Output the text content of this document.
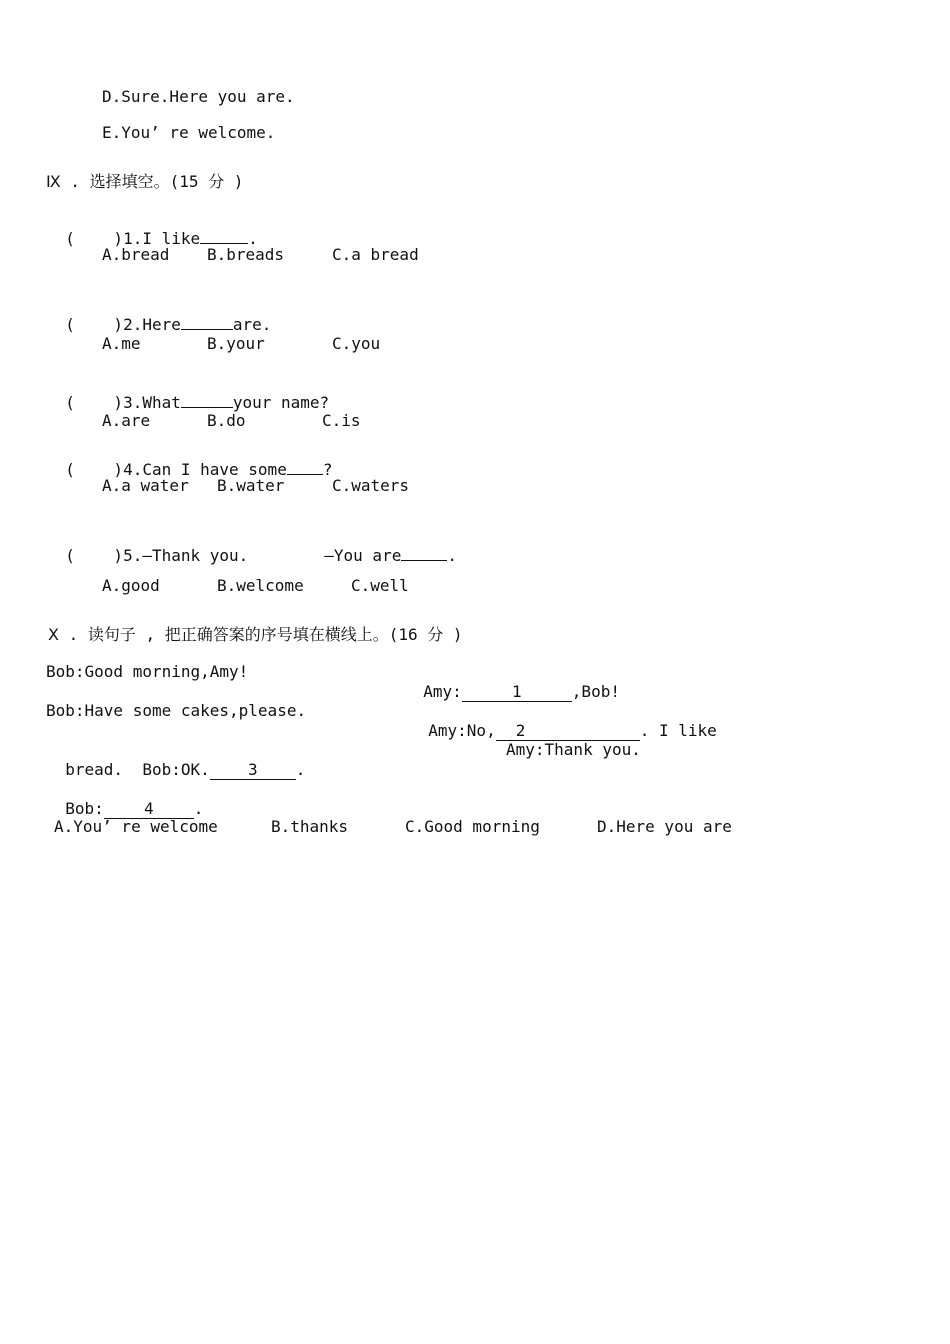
D.Sure.Here you are.
E.You’ re welcome.
Ⅸ . 选择填空。(15 分 )

(    )1.I like	.

A.bread B.breads	C.a bread

(    )2.Here	are.

A.me	B.your	C.you

(    )3.What	your name?

A.are	B.do	C.is

(    )4.Can I have some ?

A.a water B.water	C.waters

(    )5.—Thank you.	—You are	.

A.good	B.welcome	C.well
Ⅹ . 读句子 , 把正确答案的序号填在横线上。(16 分 )
Bob:Good morning,Amy!

Amy:	1	,Bob!

Bob:Have some cakes,please.

Amy:No, 2	. I like

bread.  Bob:OK. 3 .

Amy:Thank you.

Bob:	4	.

A.You’ re welcome	B.thanks	C.Good morning	D.Here you are
